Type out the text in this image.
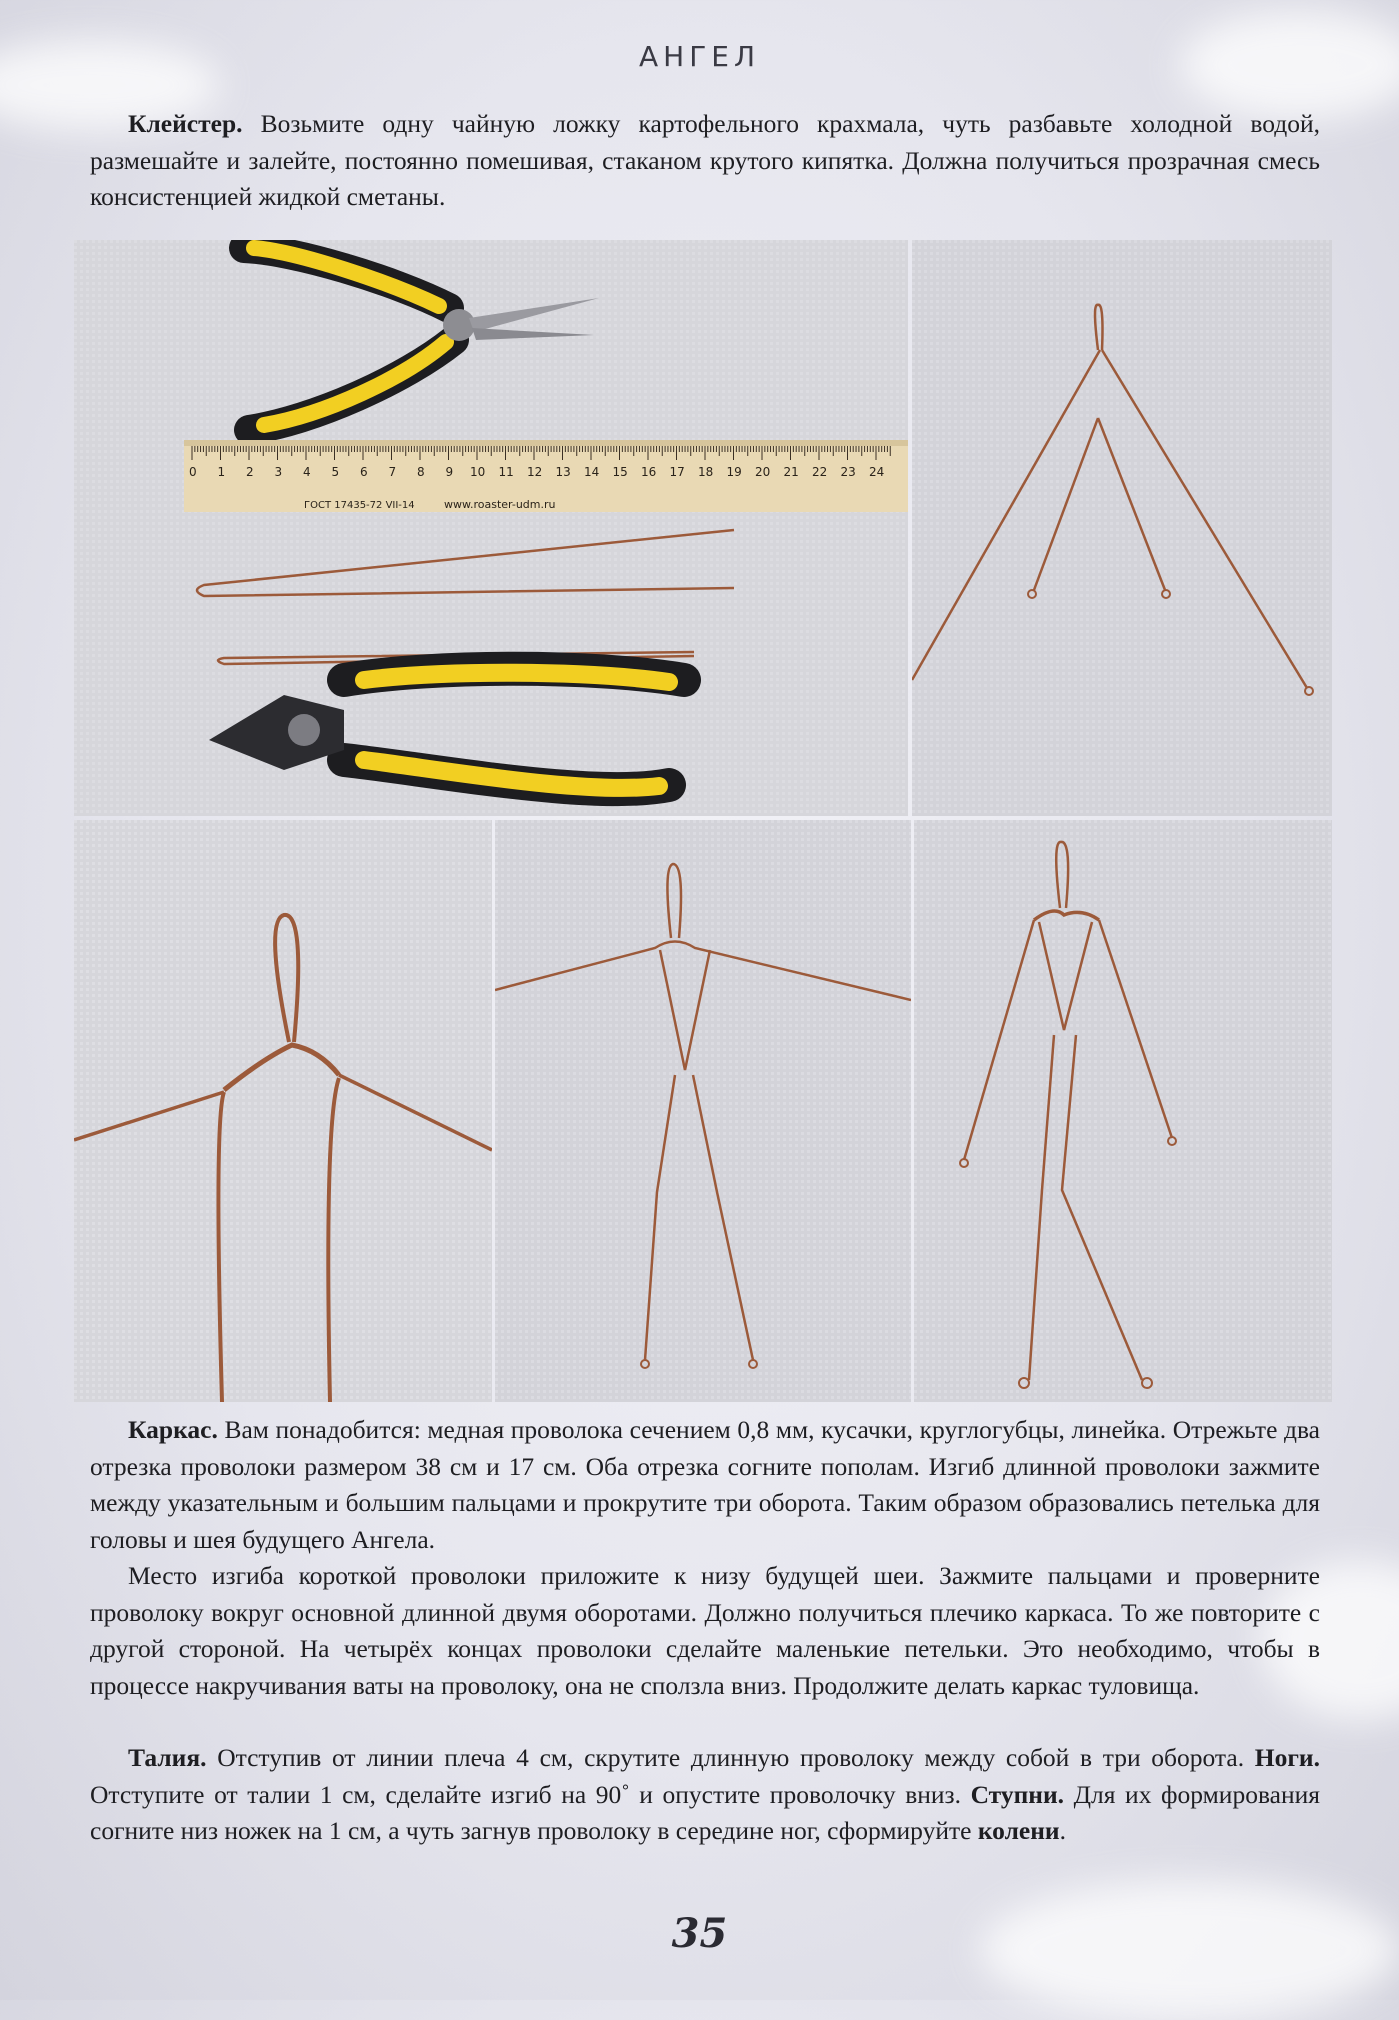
АНГЕЛ

Клейстер. Возьмите одну чайную ложку картофельного крахмала, чуть разбавьте холодной водой, размешайте и залейте, постоянно помешивая, стаканом крутого кипятка. Должна получиться прозрачная смесь консистенцией жидкой сметаны.

0 1 2 3 4 5 6 7 8 9 10 11 12 13 14 15 16 17 18 19 20 21 22 23 24
ГОСТ 17435-72 VII-14	www.roaster-udm.ru

Каркас. Вам понадобится: медная проволока сечением 0,8 мм, кусачки, круглогубцы, линейка. Отрежьте два отрезка проволоки размером 38 см и 17 см. Оба отрезка согните пополам. Изгиб длинной проволоки зажмите между указательным и большим пальцами и прокрутите три оборота. Таким образом образовались петелька для головы и шея будущего Ангела.

Место изгиба короткой проволоки приложите к низу будущей шеи. Зажмите пальцами и проверните проволоку вокруг основной длинной двумя оборотами. Должно получиться плечико каркаса. То же повторите с другой стороной. На четырёх концах проволоки сделайте маленькие петельки. Это необходимо, чтобы в процессе накручивания ваты на проволоку, она не сползла вниз. Продолжите делать каркас туловища.

Талия. Отступив от линии плеча 4 см, скрутите длинную проволоку между собой в три оборота. Ноги. Отступите от талии 1 см, сделайте изгиб на 90˚ и опустите проволочку вниз. Ступни. Для их формирования согните низ ножек на 1 см, а чуть загнув проволоку в середине ног, сформируйте колени.

35
